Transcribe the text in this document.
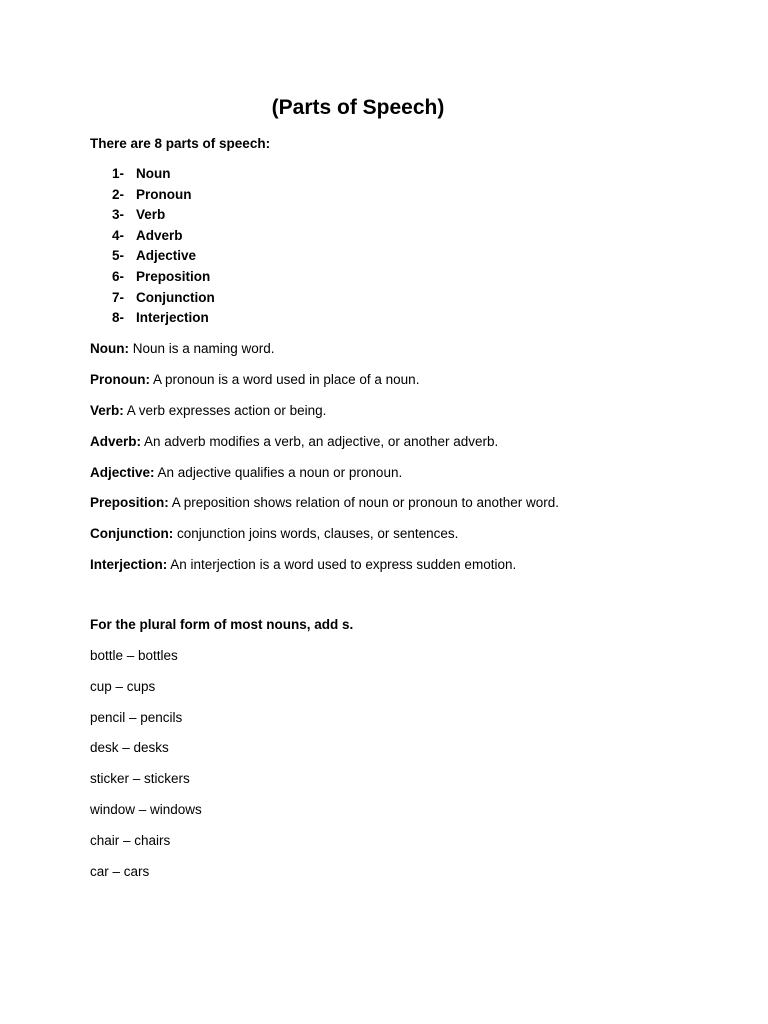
(Parts of Speech)
There are 8 parts of speech:
1- Noun
2- Pronoun
3- Verb
4- Adverb
5- Adjective
6- Preposition
7- Conjunction
8- Interjection
Noun: Noun is a naming word.
Pronoun: A pronoun is a word used in place of a noun.
Verb: A verb expresses action or being.
Adverb: An adverb modifies a verb, an adjective, or another adverb.
Adjective: An adjective qualifies a noun or pronoun.
Preposition: A preposition shows relation of noun or pronoun to another word.
Conjunction: conjunction joins words, clauses, or sentences.
Interjection: An interjection is a word used to express sudden emotion.
For the plural form of most nouns, add s.
bottle – bottles
cup – cups
pencil – pencils
desk – desks
sticker – stickers
window – windows
chair – chairs
car – cars
